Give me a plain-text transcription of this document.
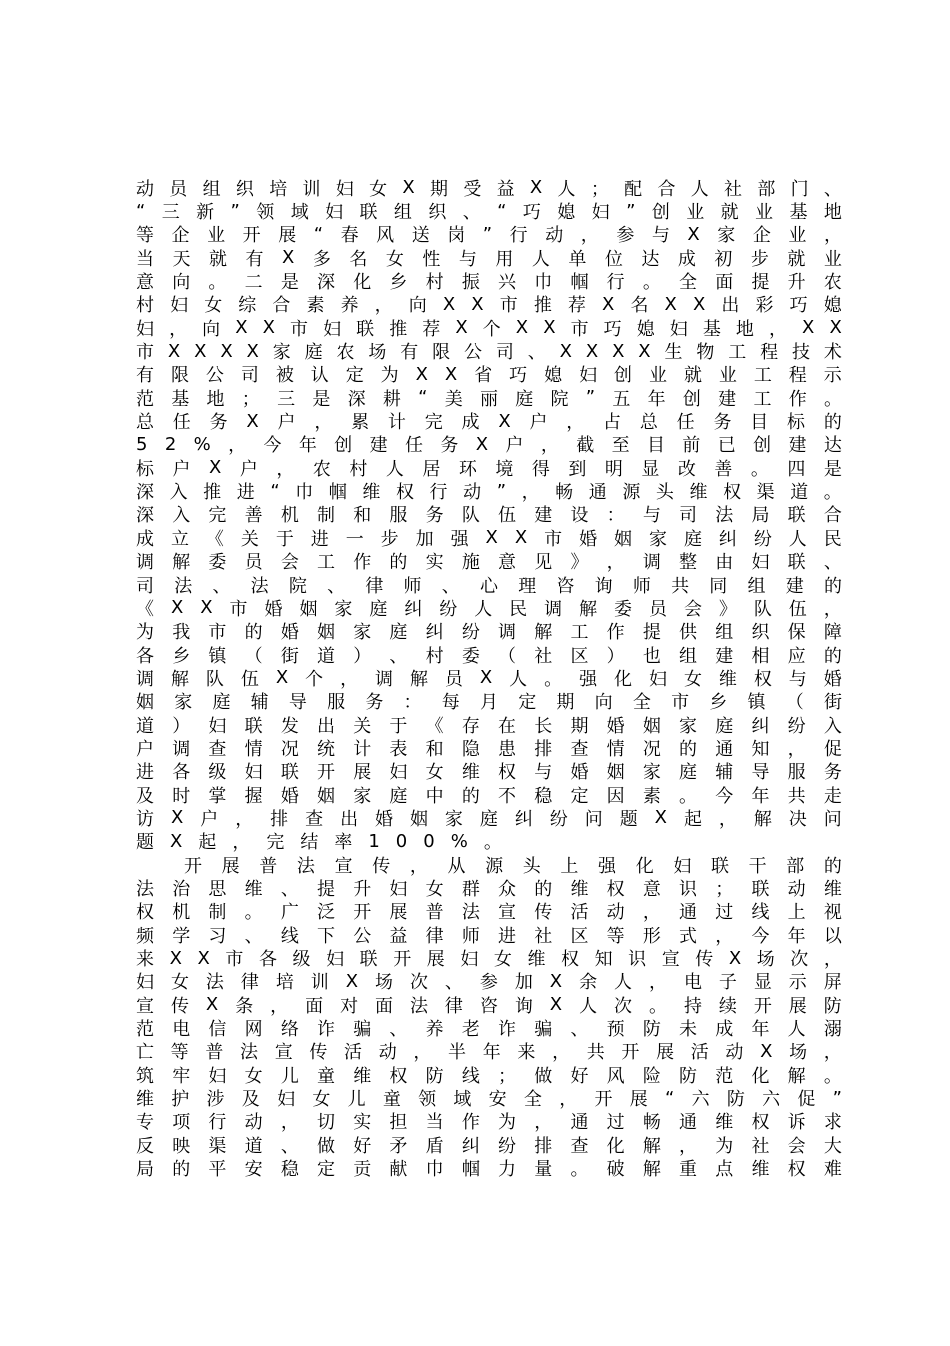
动 员 组 织 培 训 妇 女 X 期 受 益 X 人 ； 配 合 人 社 部 门 、
“ 三 新 ” 领 域 妇 联 组 织 、 “ 巧 媳 妇 ” 创 业 就 业 基 地
等 企 业 开 展 “ 春 风 送 岗 ” 行 动 ， 参 与 X 家 企 业 ，
当 天 就 有 X 多 名 女 性 与 用 人 单 位 达 成 初 步 就 业
意 向 。 二 是 深 化 乡 村 振 兴 巾 帼 行 。 全 面 提 升 农
村 妇 女 综 合 素 养 ， 向 X X 市 推 荐 X 名 X X 出 彩 巧 媳
妇 ， 向 X X 市 妇 联 推 荐 X 个 X X 市 巧 媳 妇 基 地 ， X X
市 X X X X 家 庭 农 场 有 限 公 司 、 X X X X 生 物 工 程 技 术
有 限 公 司 被 认 定 为 X X 省 巧 媳 妇 创 业 就 业 工 程 示
范 基 地 ； 三 是 深 耕 “ 美 丽 庭 院 ” 五 年 创 建 工 作 。
总 任 务 X 户 ， 累 计 完 成 X 户 ， 占 总 任 务 目 标 的
5 2 % ， 今 年 创 建 任 务 X 户 ， 截 至 目 前 已 创 建 达
标 户 X 户 ， 农 村 人 居 环 境 得 到 明 显 改 善 。 四 是
深 入 推 进 “ 巾 帼 维 权 行 动 ” ， 畅 通 源 头 维 权 渠 道 。
深 入 完 善 机 制 和 服 务 队 伍 建 设 ： 与 司 法 局 联 合
成 立 《 关 于 进 一 步 加 强 X X 市 婚 姻 家 庭 纠 纷 人 民
调 解 委 员 会 工 作 的 实 施 意 见 》 ， 调 整 由 妇 联 、
司 法 、 法 院 、 律 师 、 心 理 咨 询 师 共 同 组 建 的
《 X X 市 婚 姻 家 庭 纠 纷 人 民 调 解 委 员 会 》 队 伍 ，
为 我 市 的 婚 姻 家 庭 纠 纷 调 解 工 作 提 供 组 织 保 障
各 乡 镇 （ 街 道 ） 、 村 委 （ 社 区 ） 也 组 建 相 应 的
调 解 队 伍 X 个 ， 调 解 员 X 人 。 强 化 妇 女 维 权 与 婚
姻 家 庭 辅 导 服 务 ： 每 月 定 期 向 全 市 乡 镇 （ 街
道 ） 妇 联 发 出 关 于 《 存 在 长 期 婚 姻 家 庭 纠 纷 入
户 调 查 情 况 统 计 表 和 隐 患 排 查 情 况 的 通 知 ， 促
进 各 级 妇 联 开 展 妇 女 维 权 与 婚 姻 家 庭 辅 导 服 务
及 时 掌 握 婚 姻 家 庭 中 的 不 稳 定 因 素 。 今 年 共 走
访 X 户 ， 排 查 出 婚 姻 家 庭 纠 纷 问 题 X 起 ， 解 决 问
题 X 起 ， 完 结 率 1 0 0 % 。
开 展 普 法 宣 传 ， 从 源 头 上 强 化 妇 联 干 部 的
法 治 思 维 、 提 升 妇 女 群 众 的 维 权 意 识 ； 联 动 维
权 机 制 。 广 泛 开 展 普 法 宣 传 活 动 ， 通 过 线 上 视
频 学 习 、 线 下 公 益 律 师 进 社 区 等 形 式 ， 今 年 以
来 X X 市 各 级 妇 联 开 展 妇 女 维 权 知 识 宣 传 X 场 次 ，
妇 女 法 律 培 训 X 场 次 、 参 加 X 余 人 ， 电 子 显 示 屏
宣 传 X 条 ， 面 对 面 法 律 咨 询 X 人 次 。 持 续 开 展 防
范 电 信 网 络 诈 骗 、 养 老 诈 骗 、 预 防 未 成 年 人 溺
亡 等 普 法 宣 传 活 动 ， 半 年 来 ， 共 开 展 活 动 X 场 ，
筑 牢 妇 女 儿 童 维 权 防 线 ； 做 好 风 险 防 范 化 解 。
维 护 涉 及 妇 女 儿 童 领 域 安 全 ， 开 展 “ 六 防 六 促 ”
专 项 行 动 ， 切 实 担 当 作 为 ， 通 过 畅 通 维 权 诉 求
反 映 渠 道 、 做 好 矛 盾 纠 纷 排 查 化 解 ， 为 社 会 大
局 的 平 安 稳 定 贡 献 巾 帼 力 量 。 破 解 重 点 维 权 难
